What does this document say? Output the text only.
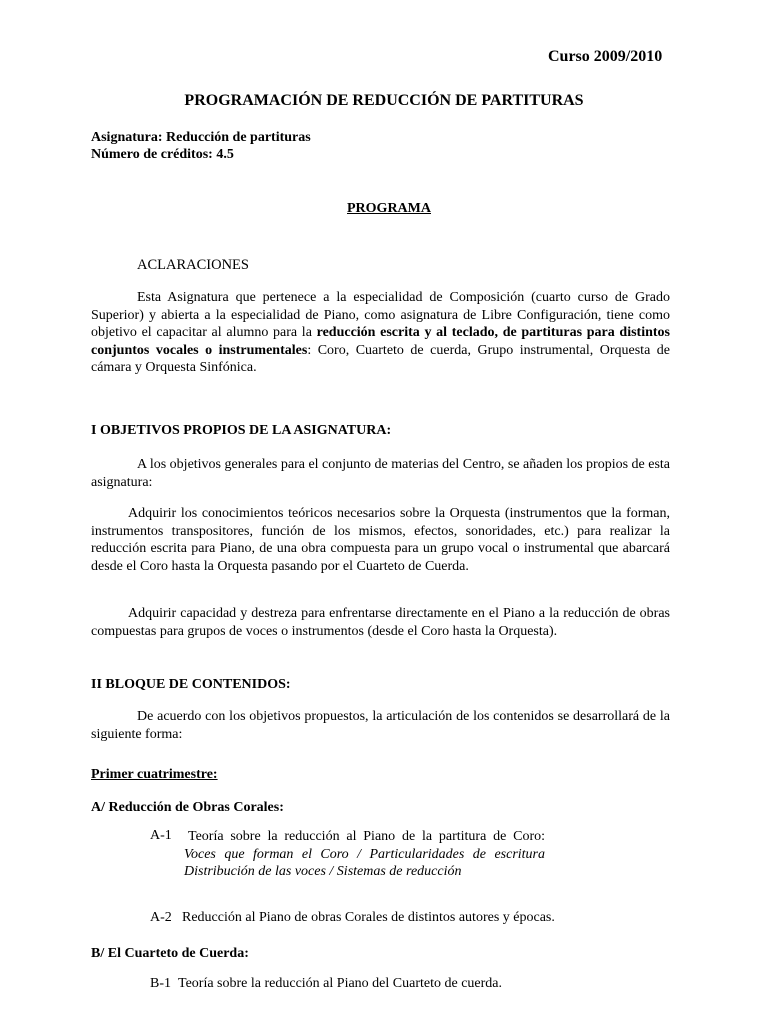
Curso 2009/2010
PROGRAMACIÓN DE REDUCCIÓN DE PARTITURAS
Asignatura: Reducción de partituras
Número de créditos: 4.5
PROGRAMA
ACLARACIONES
Esta Asignatura que pertenece a la especialidad de Composición (cuarto curso de Grado Superior) y abierta a la especialidad de Piano, como asignatura de Libre Configuración, tiene como objetivo el capacitar al alumno para la reducción escrita y al teclado, de partituras para distintos conjuntos vocales o instrumentales: Coro, Cuarteto de cuerda, Grupo instrumental, Orquesta de cámara y Orquesta Sinfónica.
I OBJETIVOS PROPIOS DE LA ASIGNATURA:
A los objetivos generales para el conjunto de materias del Centro, se añaden los propios de esta asignatura:
Adquirir los conocimientos teóricos necesarios sobre la Orquesta (instrumentos que la forman, instrumentos transpositores, función de los mismos, efectos, sonoridades, etc.) para realizar la reducción escrita para Piano, de una obra compuesta para un grupo vocal o instrumental que abarcará desde el Coro hasta la Orquesta pasando por el Cuarteto de Cuerda.
Adquirir capacidad y destreza para enfrentarse directamente en el Piano a la reducción de obras compuestas para grupos de voces o instrumentos (desde el Coro hasta la Orquesta).
II BLOQUE DE CONTENIDOS:
De acuerdo con los objetivos propuestos, la articulación de los contenidos se desarrollará de la siguiente forma:
Primer cuatrimestre:
A/ Reducción de Obras Corales:
A-1 Teoría sobre la reducción al Piano de la partitura de Coro: Voces que forman el Coro / Particularidades de escritura Distribución de las voces / Sistemas de reducción
A-2 Reducción al Piano de obras Corales de distintos autores y épocas.
B/ El Cuarteto de Cuerda:
B-1 Teoría sobre la reducción al Piano del Cuarteto de cuerda.
